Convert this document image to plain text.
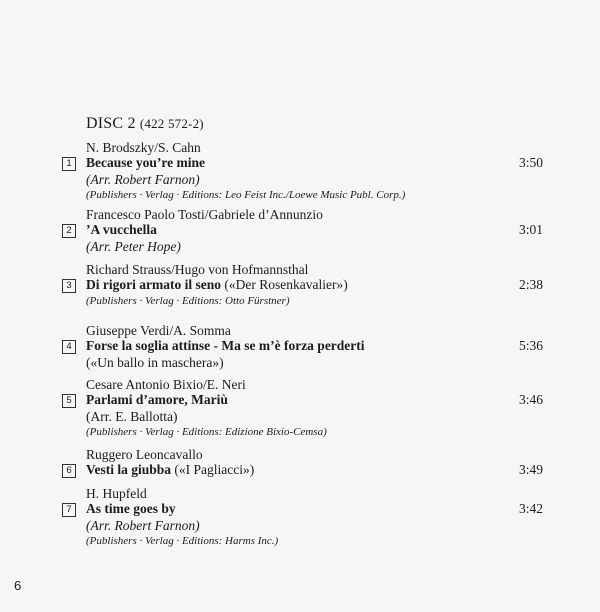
DISC 2 (422 572-2)
N. Brodszky/S. Cahn
1	Because you’re mine	3:50
(Arr. Robert Farnon)
(Publishers · Verlag · Editions: Leo Feist Inc./Loewe Music Publ. Corp.)
Francesco Paolo Tosti/Gabriele d’Annunzio
2	’A vucchella	3:01
(Arr. Peter Hope)
Richard Strauss/Hugo von Hofmannsthal
3	Di rigori armato il seno («Der Rosenkavalier»)	2:38
(Publishers · Verlag · Editions: Otto Fürstner)
Giuseppe Verdi/A. Somma
4	Forse la soglia attinse - Ma se m’è forza perderti	5:36
(«Un ballo in maschera»)
Cesare Antonio Bixio/E. Neri
5	Parlami d’amore, Mariù	3:46
(Arr. E. Ballotta)
(Publishers · Verlag · Editions: Edizione Bixio-Cemsa)
Ruggero Leoncavallo
6	Vesti la giubba («I Pagliacci»)	3:49
H. Hupfeld
7	As time goes by	3:42
(Arr. Robert Farnon)
(Publishers · Verlag · Editions: Harms Inc.)
6
